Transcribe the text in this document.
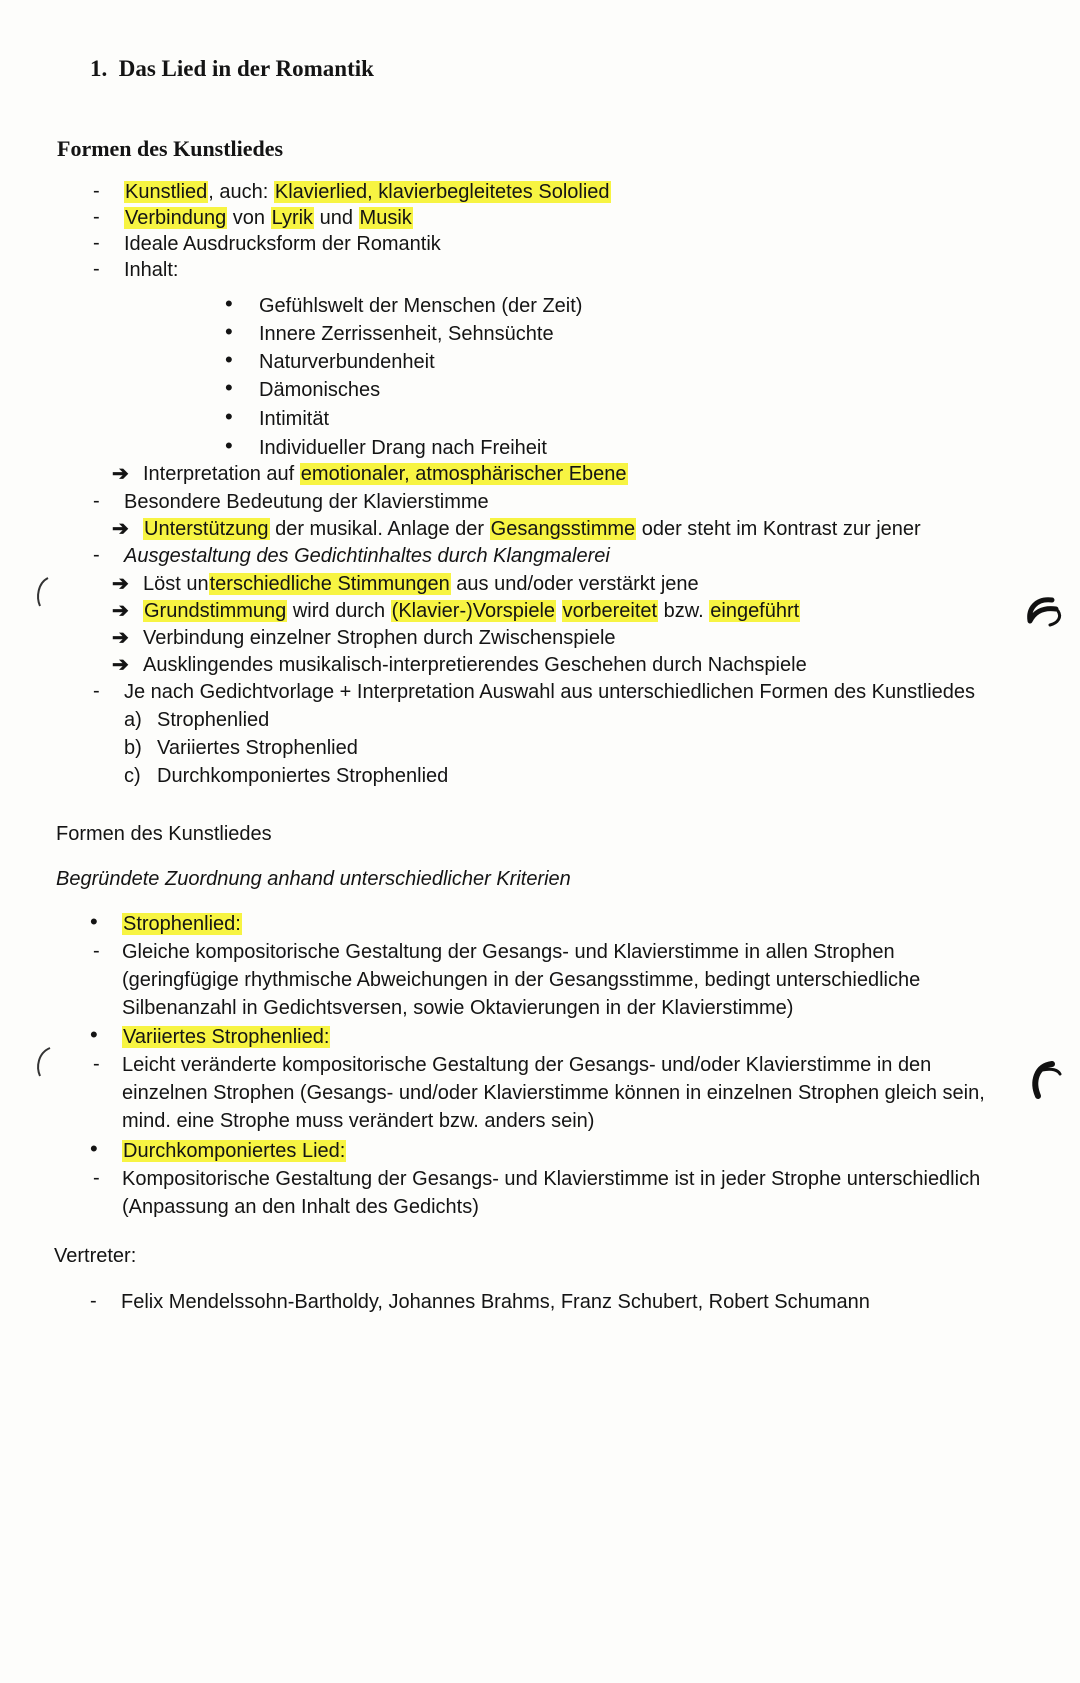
1. Das Lied in der Romantik
Formen des Kunstliedes
- Kunstlied, auch: Klavierlied, klavierbegleitetes Sololied
- Verbindung von Lyrik und Musik
- Ideale Ausdrucksform der Romantik
- Inhalt:
• Gefühlswelt der Menschen (der Zeit)
• Innere Zerrissenheit, Sehnsüchte
• Naturverbundenheit
• Dämonisches
• Intimität
• Individueller Drang nach Freiheit
➔ Interpretation auf emotionaler, atmosphärischer Ebene
- Besondere Bedeutung der Klavierstimme
➔ Unterstützung der musikal. Anlage der Gesangsstimme oder steht im Kontrast zur jener
- Ausgestaltung des Gedichtinhaltes durch Klangmalerei
➔ Löst unterschiedliche Stimmungen aus und/oder verstärkt jene
➔ Grundstimmung wird durch (Klavier-)Vorspiele vorbereitet bzw. eingeführt
➔ Verbindung einzelner Strophen durch Zwischenspiele
➔ Ausklingendes musikalisch-interpretierendes Geschehen durch Nachspiele
- Je nach Gedichtvorlage + Interpretation Auswahl aus unterschiedlichen Formen des Kunstliedes
a) Strophenlied
b) Variiertes Strophenlied
c) Durchkomponiertes Strophenlied
Formen des Kunstliedes
Begründete Zuordnung anhand unterschiedlicher Kriterien
• Strophenlied:
- Gleiche kompositorische Gestaltung der Gesangs- und Klavierstimme in allen Strophen
(geringfügige rhythmische Abweichungen in der Gesangsstimme, bedingt unterschiedliche
Silbenanzahl in Gedichtsversen, sowie Oktavierungen in der Klavierstimme)
• Variiertes Strophenlied:
- Leicht veränderte kompositorische Gestaltung der Gesangs- und/oder Klavierstimme in den
einzelnen Strophen (Gesangs- und/oder Klavierstimme können in einzelnen Strophen gleich sein,
mind. eine Strophe muss verändert bzw. anders sein)
• Durchkomponiertes Lied:
- Kompositorische Gestaltung der Gesangs- und Klavierstimme ist in jeder Strophe unterschiedlich
(Anpassung an den Inhalt des Gedichts)
Vertreter:
- Felix Mendelssohn-Bartholdy, Johannes Brahms, Franz Schubert, Robert Schumann
